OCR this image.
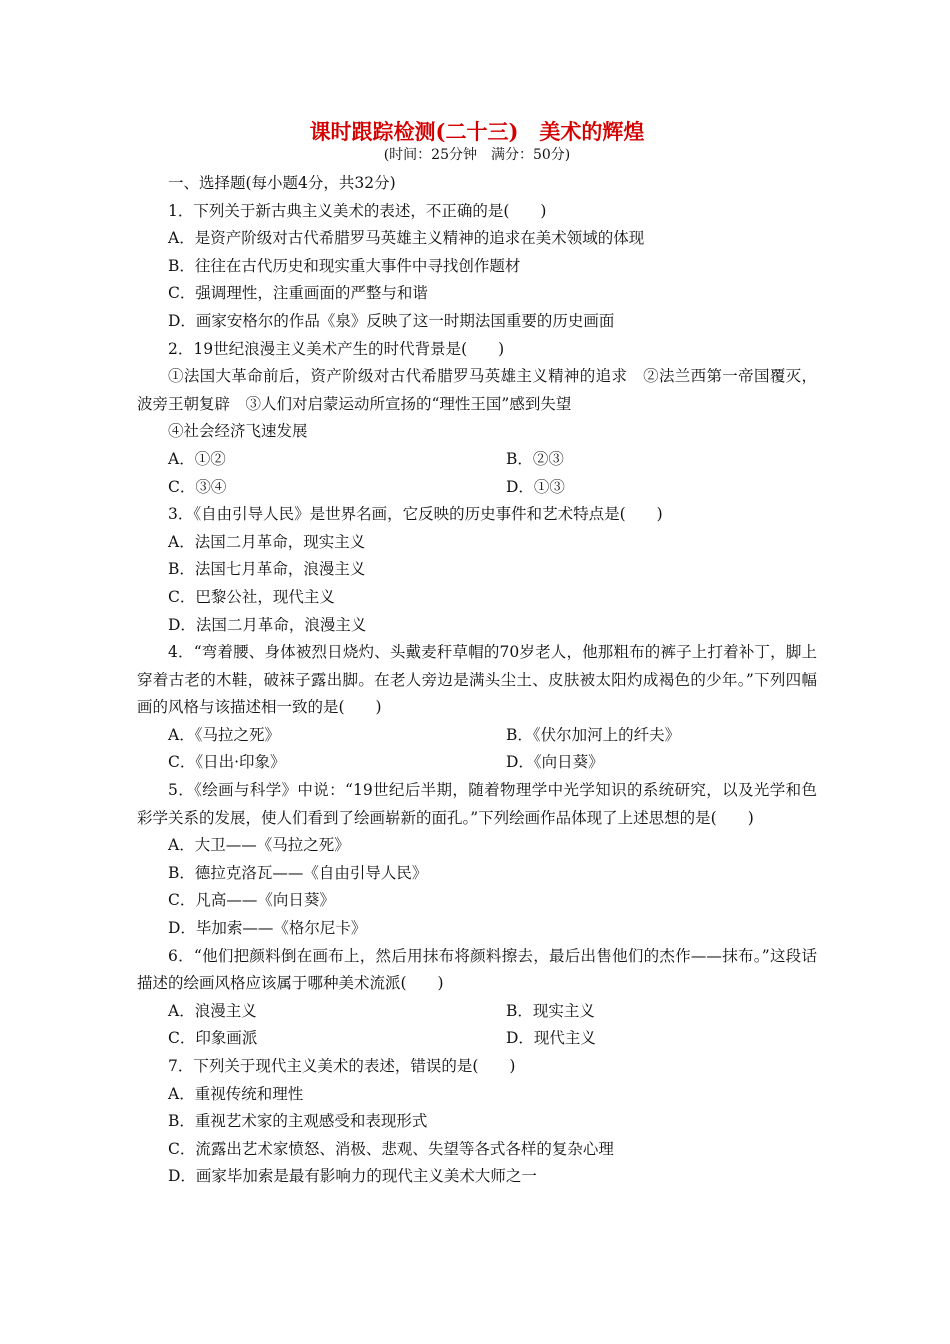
课时跟踪检测(二十三)　美术的辉煌

(时间：25分钟　满分：50分)

一、选择题(每小题4分，共32分)

1．下列关于新古典主义美术的表述，不正确的是(　　)

A．是资产阶级对古代希腊罗马英雄主义精神的追求在美术领域的体现

B．往往在古代历史和现实重大事件中寻找创作题材

C．强调理性，注重画面的严整与和谐

D．画家安格尔的作品《泉》反映了这一时期法国重要的历史画面

2．19世纪浪漫主义美术产生的时代背景是(　　)

①法国大革命前后，资产阶级对古代希腊罗马英雄主义精神的追求　②法兰西第一帝国覆灭，波旁王朝复辟　③人们对启蒙运动所宣扬的“理性王国”感到失望

④社会经济飞速发展

A．①②	B．②③
C．③④	D．①③

3．《自由引导人民》是世界名画，它反映的历史事件和艺术特点是(　　)

A．法国二月革命，现实主义

B．法国七月革命，浪漫主义

C．巴黎公社，现代主义

D．法国二月革命，浪漫主义

4．“弯着腰、身体被烈日烧灼、头戴麦秆草帽的70岁老人，他那粗布的裤子上打着补丁，脚上穿着古老的木鞋，破袜子露出脚。在老人旁边是满头尘土、皮肤被太阳灼成褐色的少年。”下列四幅画的风格与该描述相一致的是(　　)

A．《马拉之死》	B．《伏尔加河上的纤夫》
C．《日出·印象》	D．《向日葵》

5．《绘画与科学》中说：“19世纪后半期，随着物理学中光学知识的系统研究，以及光学和色彩学关系的发展，使人们看到了绘画崭新的面孔。”下列绘画作品体现了上述思想的是(　　)

A．大卫——《马拉之死》

B．德拉克洛瓦——《自由引导人民》

C．凡高——《向日葵》

D．毕加索——《格尔尼卡》

6．“他们把颜料倒在画布上，然后用抹布将颜料擦去，最后出售他们的杰作——抹布。”这段话描述的绘画风格应该属于哪种美术流派(　　)

A．浪漫主义	B．现实主义
C．印象画派	D．现代主义

7．下列关于现代主义美术的表述，错误的是(　　)

A．重视传统和理性

B．重视艺术家的主观感受和表现形式

C．流露出艺术家愤怒、消极、悲观、失望等各式各样的复杂心理

D．画家毕加索是最有影响力的现代主义美术大师之一
